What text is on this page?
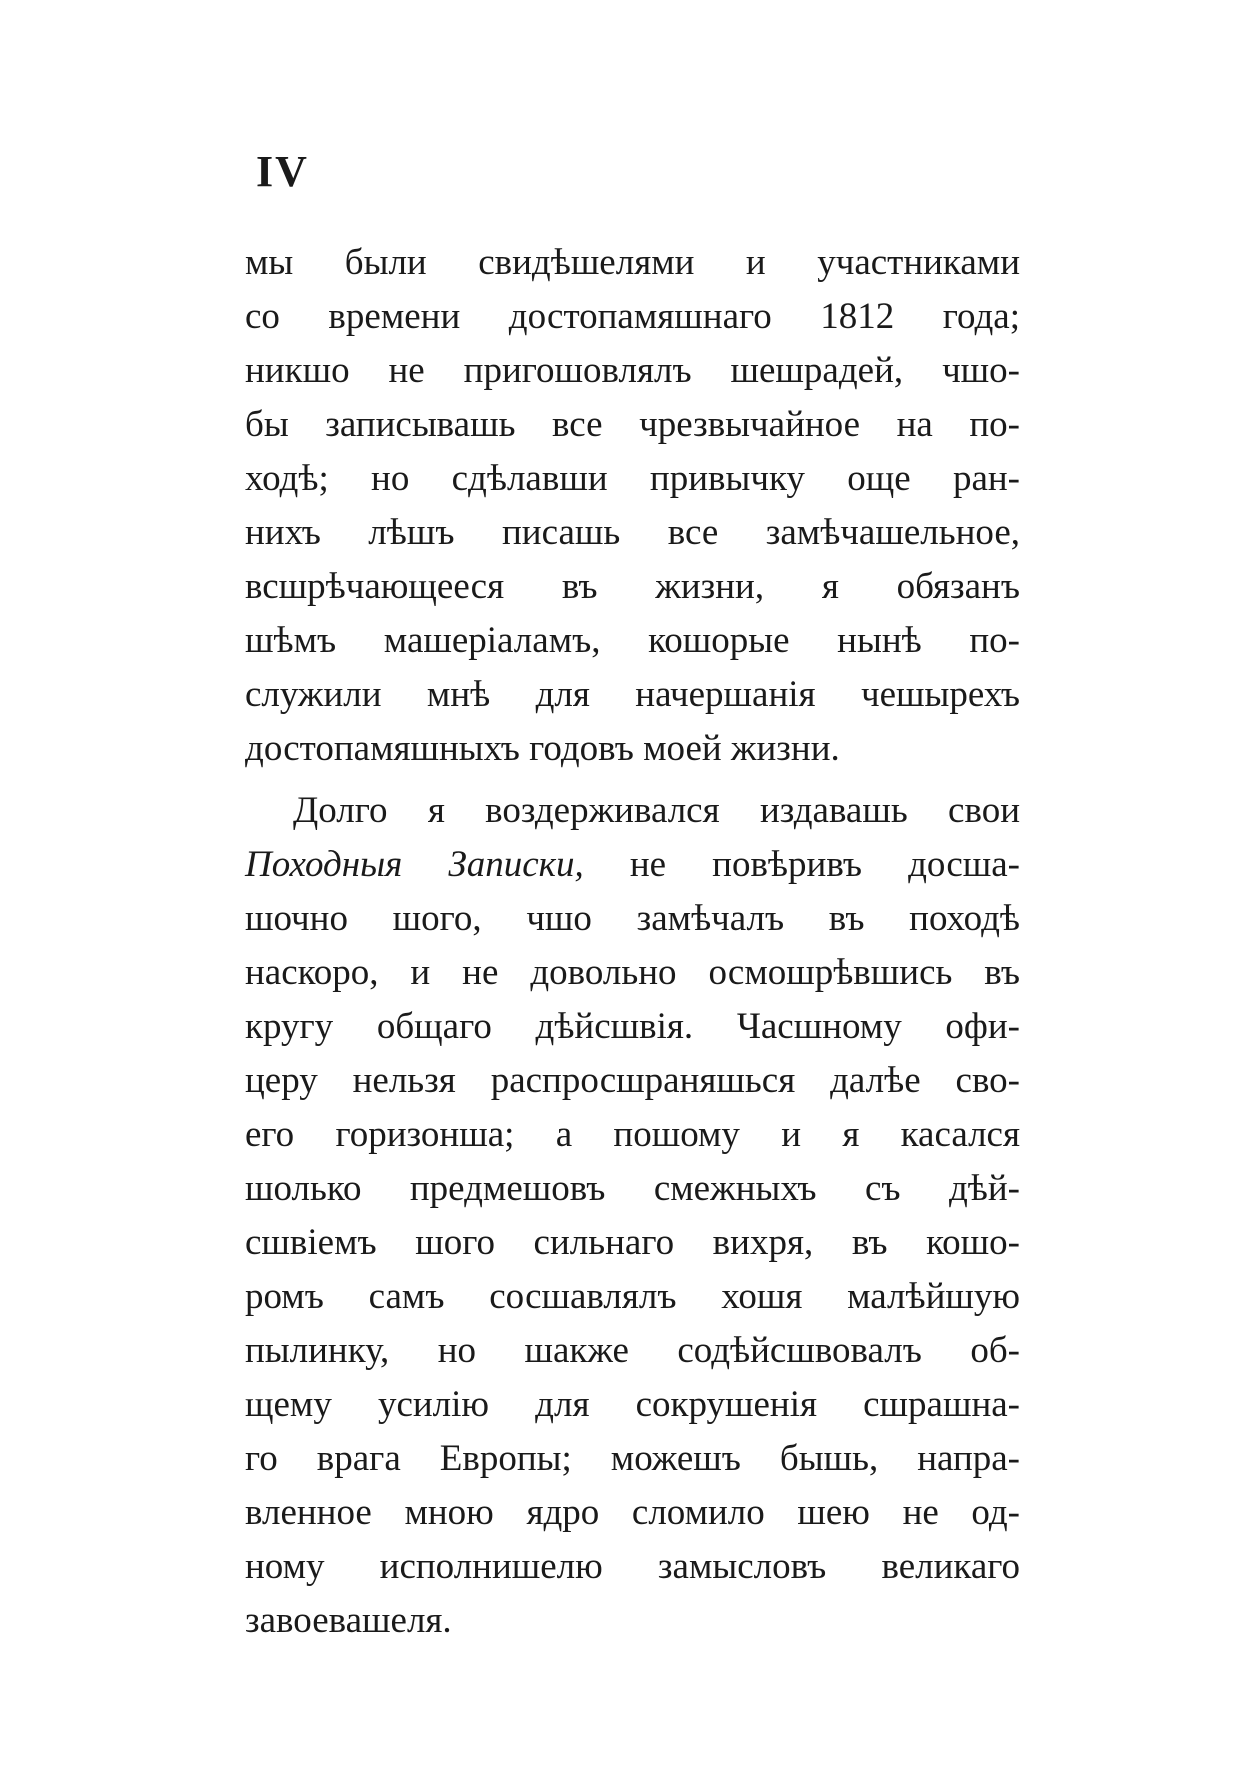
IV
мы были свидѣшелями и участниками
со времени достопамяшнаго 1812 года;
никшо не пригошовлялъ шешрадей, чшо-
бы записывашь все чрезвычайное на по-
ходѣ; но сдѣлавши привычку още ран-
нихъ лѣшъ писашь все замѣчашельное,
всшрѣчающееся въ жизни, я обязанъ
шѣмъ машеріаламъ, кошорые нынѣ по-
служили мнѣ для начершанія чешырехъ
достопамяшныхъ годовъ моей жизни.
Долго я воздерживался издавашь свои
Походныя Записки, не повѣривъ досша-
шочно шого, чшо замѣчалъ въ походѣ
наскоро, и не довольно осмошрѣвшись въ
кругу общаго дѣйсшвія. Часшному офи-
церу нельзя распросшраняшься далѣе сво-
его горизонша; а пошому и я касался
шолько предмешовъ смежныхъ съ дѣй-
сшвіемъ шого сильнаго вихря, въ кошо-
ромъ самъ сосшавлялъ хошя малѣйшую
пылинку, но шакже содѣйсшвовалъ об-
щему усилію для сокрушенія сшрашна-
го врага Европы; можешъ бышь, напра-
вленное мною ядро сломило шею не од-
ному исполнишелю замысловъ великаго
завоевашеля.
